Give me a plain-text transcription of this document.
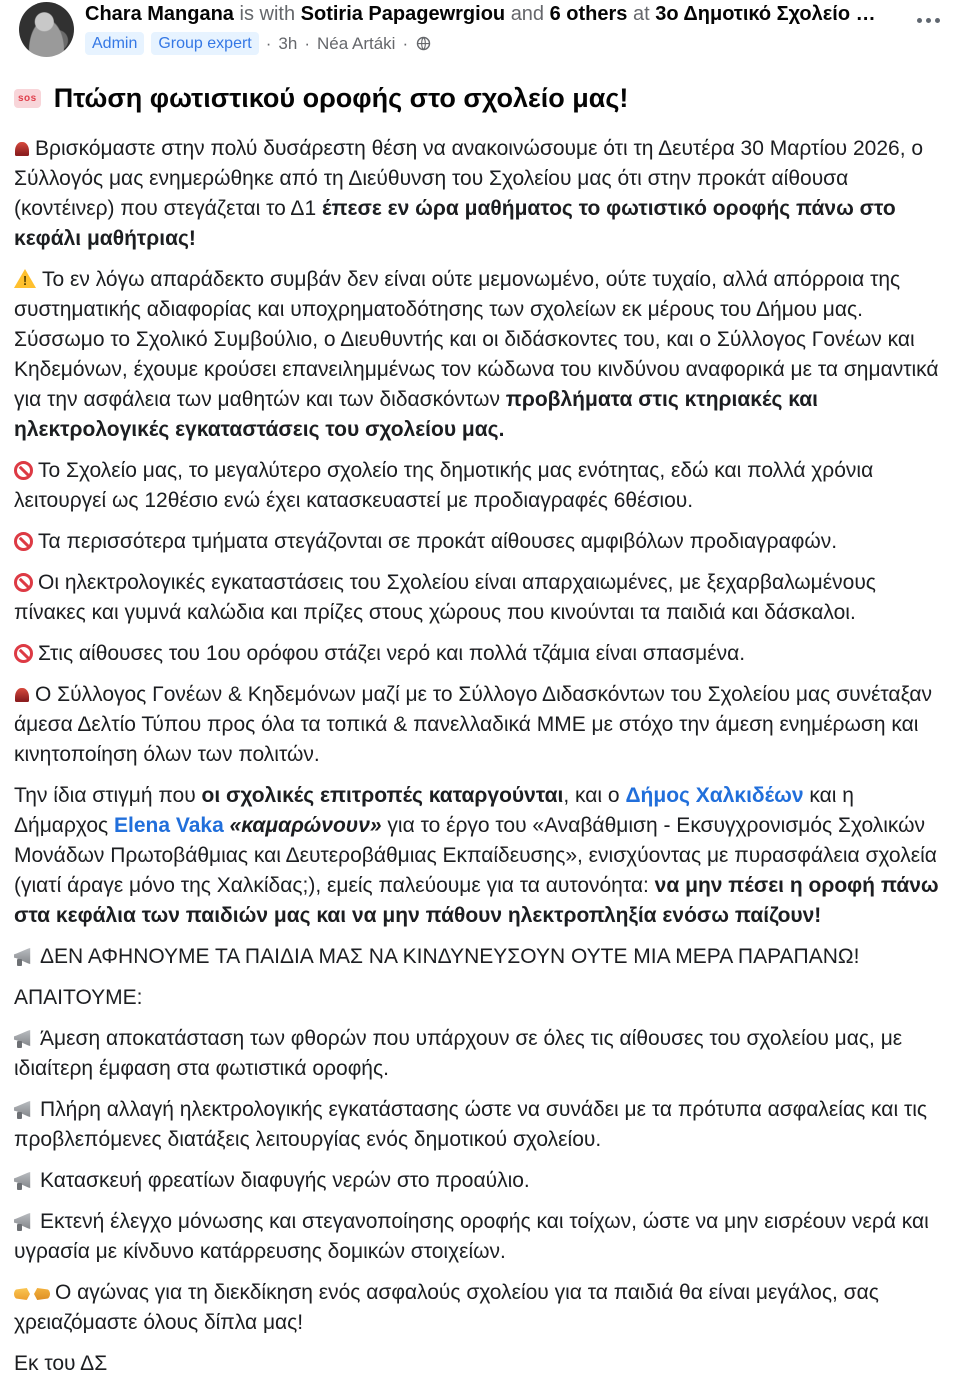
Chara Mangana is with Sotiria Papagewrgiou and 6 others at 3ο Δημοτικό Σχολείο …
Admin	Group expert · 3h · Néa Artáki ·
sos Πτώση φωτιστικού οροφής στο σχολείο μας!
Βρισκόμαστε στην πολύ δυσάρεστη θέση να ανακοινώσουμε ότι τη Δευτέρα 30 Μαρτίου 2026, ο Σύλλογός μας ενημερώθηκε από τη Διεύθυνση του Σχολείου μας ότι στην προκάτ αίθουσα (κοντέινερ) που στεγάζεται το Δ1 έπεσε εν ώρα μαθήματος το φωτιστικό οροφής πάνω στο κεφάλι μαθήτριας!
!Το εν λόγω απαράδεκτο συμβάν δεν είναι ούτε μεμονωμένο, ούτε τυχαίο, αλλά απόρροια της συστηματικής αδιαφορίας και υποχρηματοδότησης των σχολείων εκ μέρους του Δήμου μας. Σύσσωμο το Σχολικό Συμβούλιο, ο Διευθυντής και οι διδάσκοντες του, και ο Σύλλογος Γονέων και Κηδεμόνων, έχουμε κρούσει επανειλημμένως τον κώδωνα του κινδύνου αναφορικά με τα σημαντικά για την ασφάλεια των μαθητών και των διδασκόντων προβλήματα στις κτηριακές και ηλεκτρολογικές εγκαταστάσεις του σχολείου μας.
Το Σχολείο μας, το μεγαλύτερο σχολείο της δημοτικής μας ενότητας, εδώ και πολλά χρόνια λειτουργεί ως 12θέσιο ενώ έχει κατασκευαστεί με προδιαγραφές 6θέσιου.
Τα περισσότερα τμήματα στεγάζονται σε προκάτ αίθουσες αμφιβόλων προδιαγραφών.
Οι ηλεκτρολογικές εγκαταστάσεις του Σχολείου είναι απαρχαιωμένες, με ξεχαρβαλωμένους πίνακες και γυμνά καλώδια και πρίζες στους χώρους που κινούνται τα παιδιά και δάσκαλοι.
Στις αίθουσες του 1ου ορόφου στάζει νερό και πολλά τζάμια είναι σπασμένα.
Ο Σύλλογος Γονέων & Κηδεμόνων μαζί με το Σύλλογο Διδασκόντων του Σχολείου μας συνέταξαν άμεσα Δελτίο Τύπου προς όλα τα τοπικά & πανελλαδικά ΜΜΕ με στόχο την άμεση ενημέρωση και κινητοποίηση όλων των πολιτών.
Την ίδια στιγμή που οι σχολικές επιτροπές καταργούνται, και ο Δήμος Χαλκιδέων και η Δήμαρχος Elena Vaka «καμαρώνουν» για το έργο του «Αναβάθμιση - Εκσυγχρονισμός Σχολικών Μονάδων Πρωτοβάθμιας και Δευτεροβάθμιας Εκπαίδευσης», ενισχύοντας με πυρασφάλεια σχολεία (γιατί άραγε μόνο της Χαλκίδας;), εμείς παλεύουμε για τα αυτονόητα: να μην πέσει η οροφή πάνω στα κεφάλια των παιδιών μας και να μην πάθουν ηλεκτροπληξία ενόσω παίζουν!
ΔΕΝ ΑΦΗΝΟΥΜΕ ΤΑ ΠΑΙΔΙΑ ΜΑΣ ΝΑ ΚΙΝΔΥΝΕΥΣΟΥΝ ΟΥΤΕ ΜΙΑ ΜΕΡΑ ΠΑΡΑΠΑΝΩ!
ΑΠΑΙΤΟΥΜΕ:
Άμεση αποκατάσταση των φθορών που υπάρχουν σε όλες τις αίθουσες του σχολείου μας, με ιδιαίτερη έμφαση στα φωτιστικά οροφής.
Πλήρη αλλαγή ηλεκτρολογικής εγκατάστασης ώστε να συνάδει με τα πρότυπα ασφαλείας και τις προβλεπόμενες διατάξεις λειτουργίας ενός δημοτικού σχολείου.
Κατασκευή φρεατίων διαφυγής νερών στο προαύλιο.
Εκτενή έλεγχο μόνωσης και στεγανοποίησης οροφής και τοίχων, ώστε να μην εισρέουν νερά και υγρασία με κίνδυνο κατάρρευσης δομικών στοιχείων.
Ο αγώνας για τη διεκδίκηση ενός ασφαλούς σχολείου για τα παιδιά θα είναι μεγάλος, σας χρειαζόμαστε όλους δίπλα μας!
Εκ του ΔΣ
